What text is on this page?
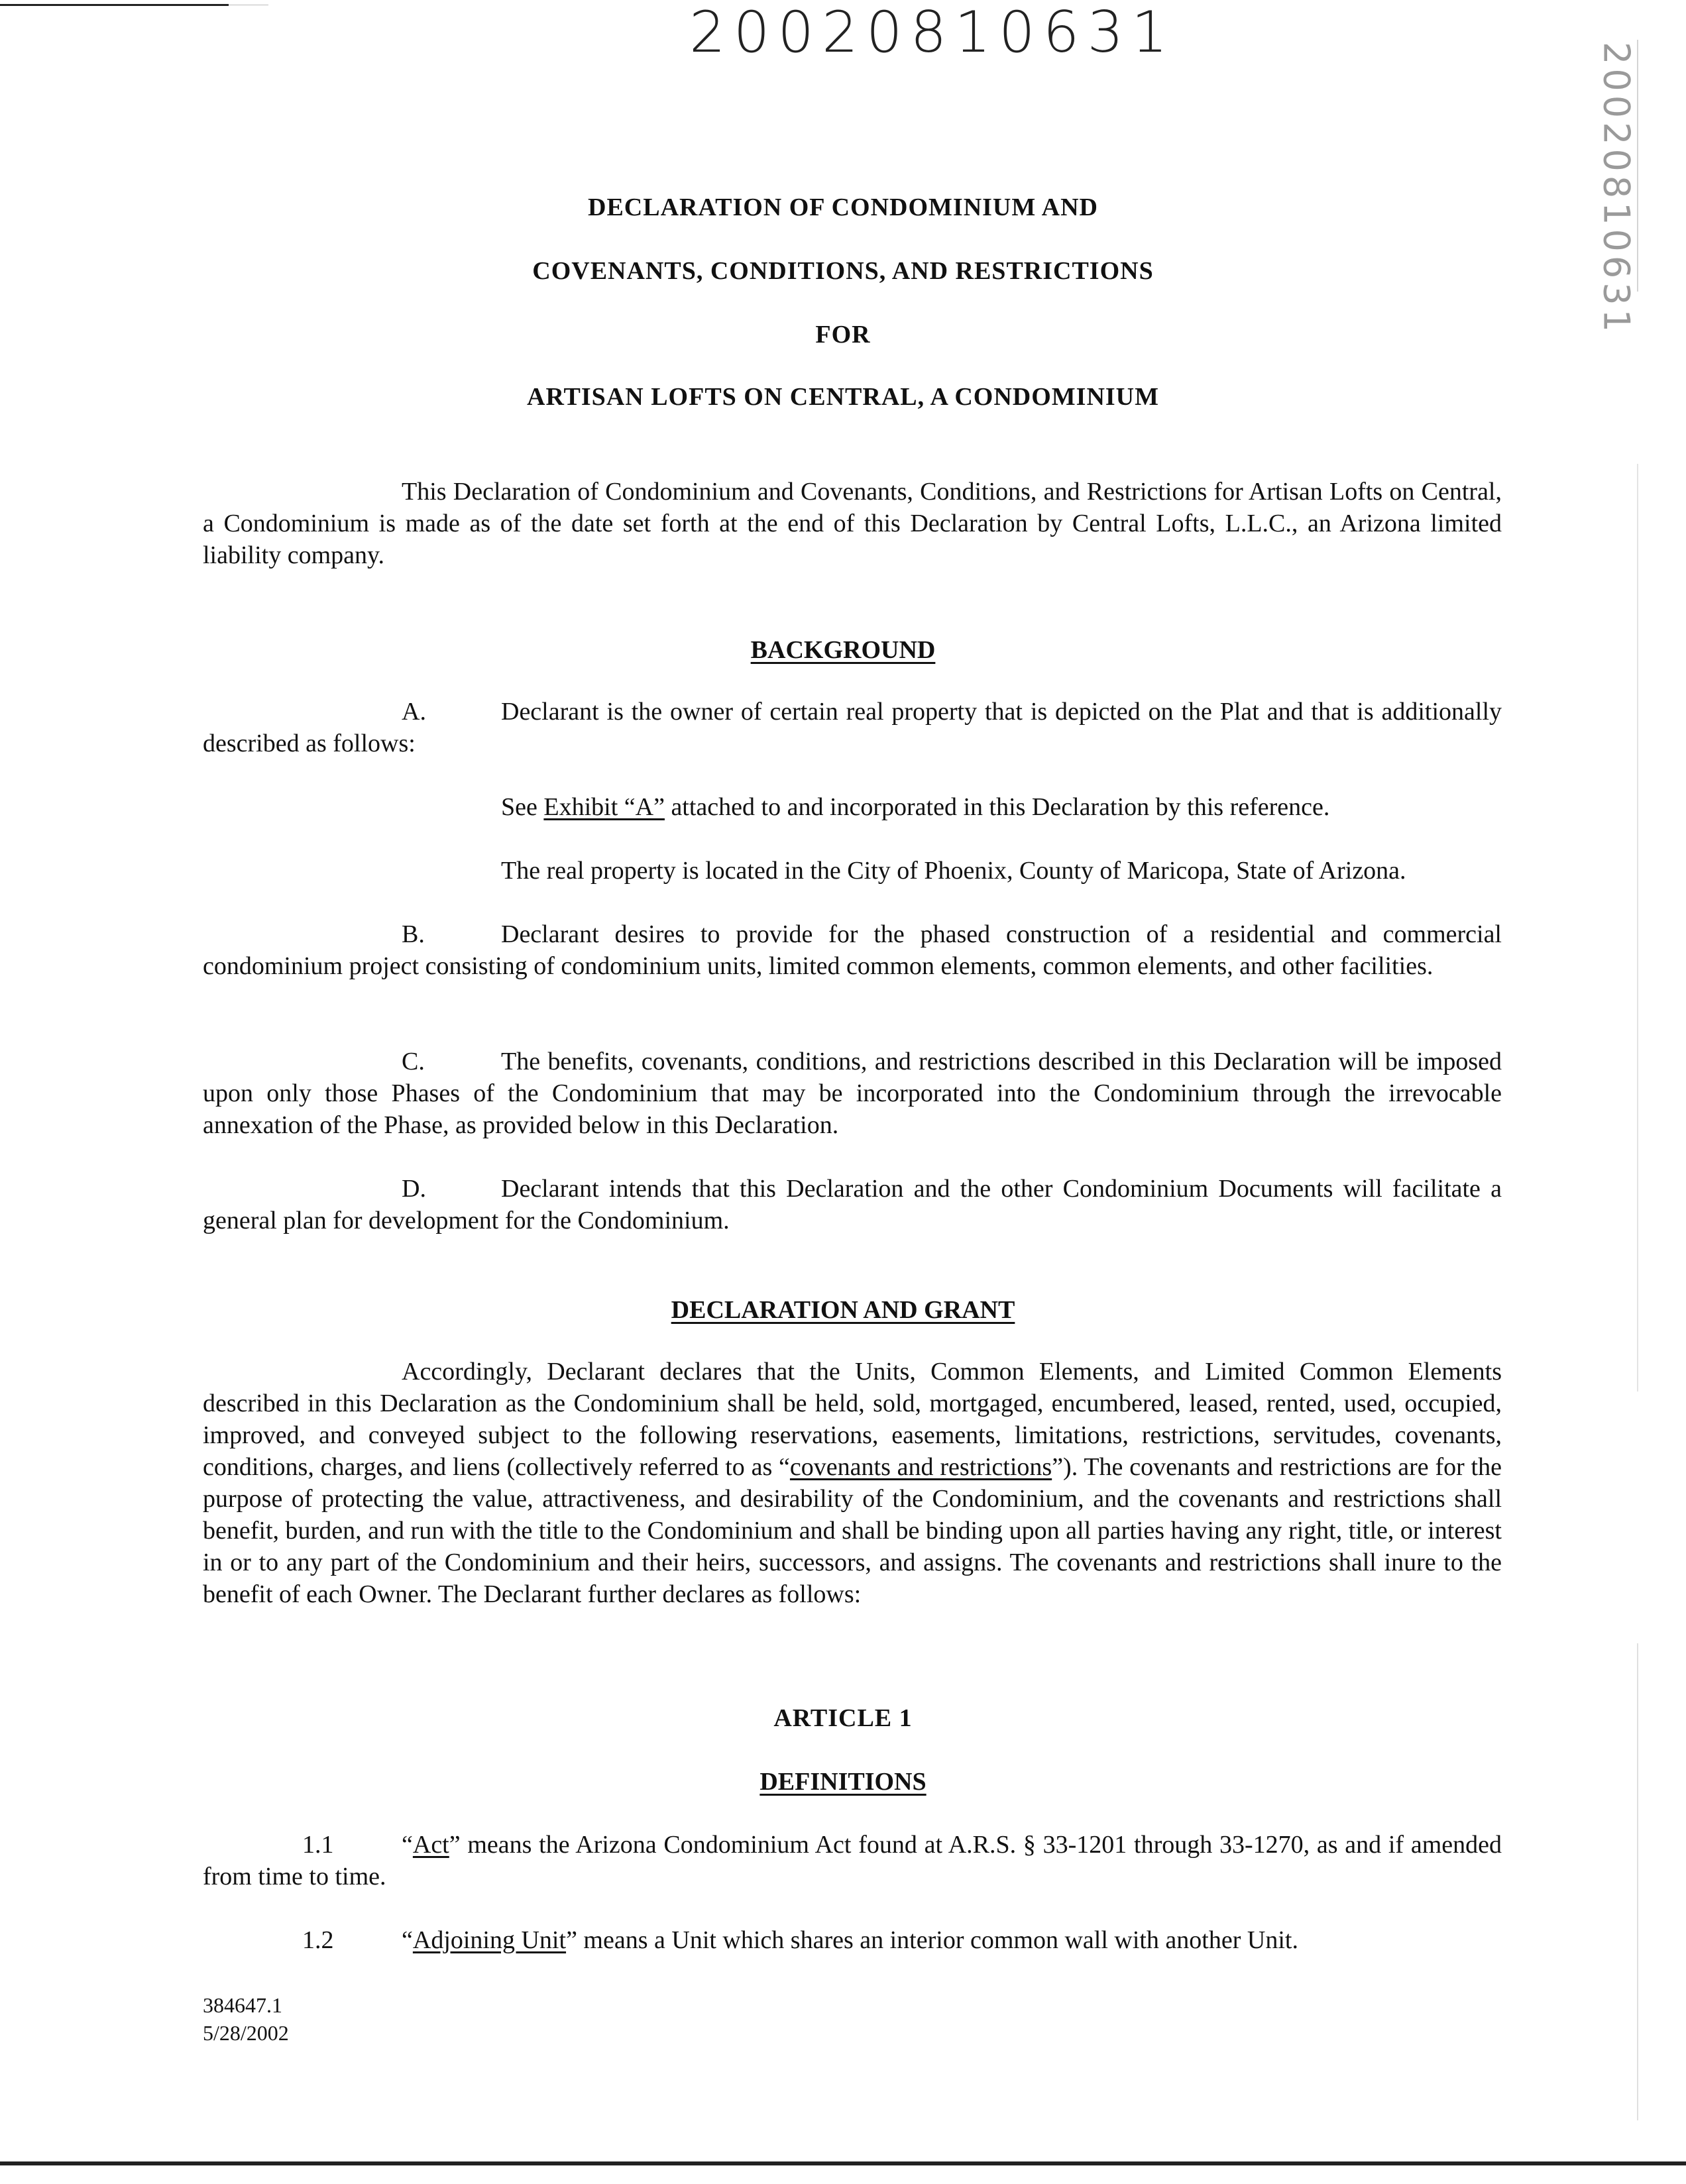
20020810631
20020810631
DECLARATION OF CONDOMINIUM AND
COVENANTS, CONDITIONS, AND RESTRICTIONS
FOR
ARTISAN LOFTS ON CENTRAL, A CONDOMINIUM

This Declaration of Condominium and Covenants, Conditions, and Restrictions for Artisan Lofts on Central, a Condominium is made as of the date set forth at the end of this Declaration by Central Lofts, L.L.C., an Arizona limited liability company.

BACKGROUND

A.	Declarant is the owner of certain real property that is depicted on the Plat and that is additionally described as follows:

See Exhibit “A” attached to and incorporated in this Declaration by this reference.

The real property is located in the City of Phoenix, County of Maricopa, State of Arizona.

B.	Declarant desires to provide for the phased construction of a residential and commercial condominium project consisting of condominium units, limited common elements, common elements, and other facilities.

C.	The benefits, covenants, conditions, and restrictions described in this Declaration will be imposed upon only those Phases of the Condominium that may be incorporated into the Condominium through the irrevocable annexation of the Phase, as provided below in this Declaration.

D.	Declarant intends that this Declaration and the other Condominium Documents will facilitate a general plan for development for the Condominium.

DECLARATION AND GRANT

Accordingly, Declarant declares that the Units, Common Elements, and Limited Common Elements described in this Declaration as the Condominium shall be held, sold, mortgaged, encumbered, leased, rented, used, occupied, improved, and conveyed subject to the following reservations, easements, limitations, restrictions, servitudes, covenants, conditions, charges, and liens (collectively referred to as “covenants and restrictions”). The covenants and restrictions are for the purpose of protecting the value, attractiveness, and desirability of the Condominium, and the covenants and restrictions shall benefit, burden, and run with the title to the Condominium and shall be binding upon all parties having any right, title, or interest in or to any part of the Condominium and their heirs, successors, and assigns. The covenants and restrictions shall inure to the benefit of each Owner. The Declarant further declares as follows:

ARTICLE 1
DEFINITIONS

1.1	“Act” means the Arizona Condominium Act found at A.R.S. § 33-1201 through 33-1270, as and if amended from time to time.

1.2	“Adjoining Unit” means a Unit which shares an interior common wall with another Unit.

384647.1
5/28/2002
